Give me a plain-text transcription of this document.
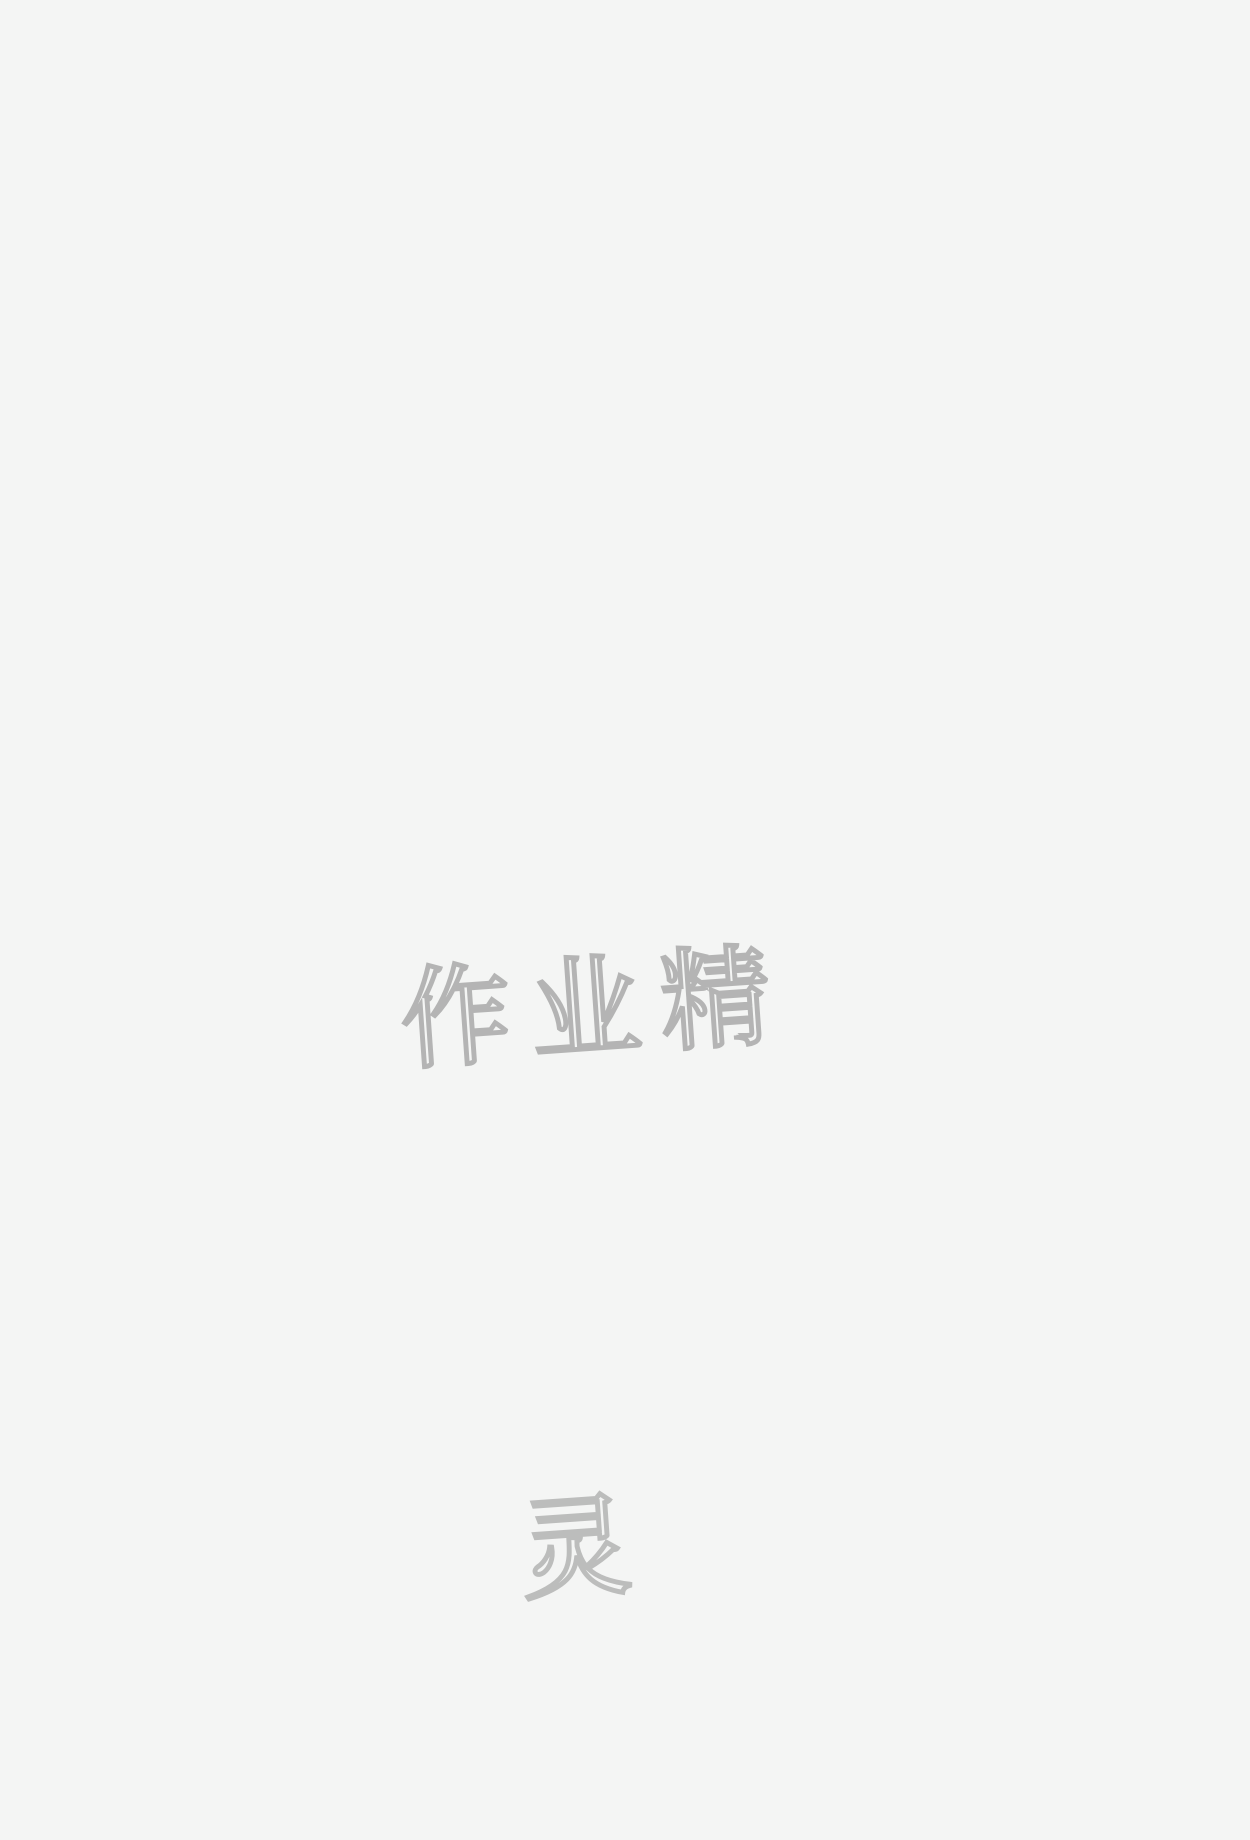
作业精
灵
